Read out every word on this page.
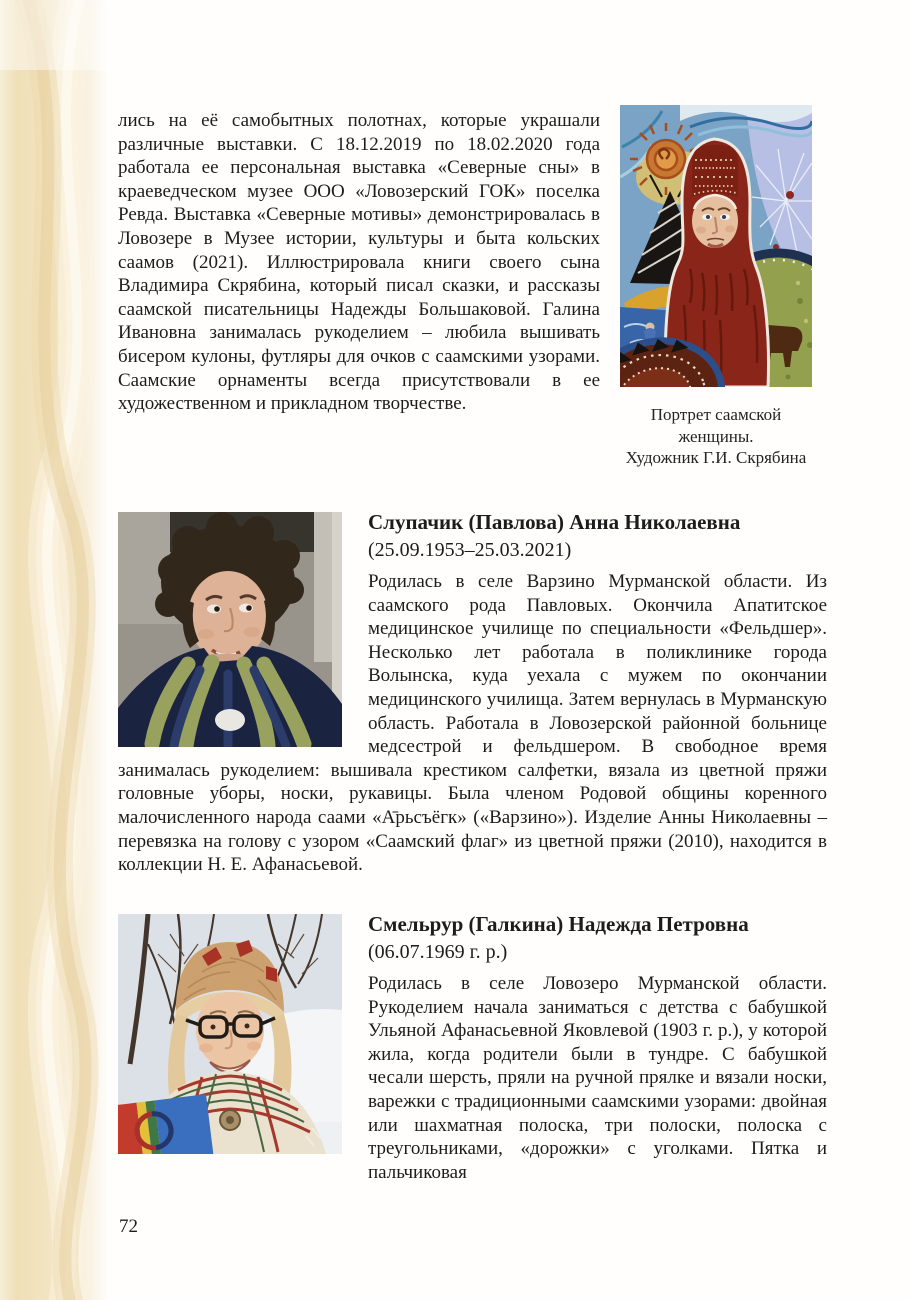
Портрет саамской
женщины.
Художник Г.И. Скрябина

лись на её самобытных полотнах, которые украшали различные выставки. С 18.12.2019 по 18.02.2020 года работала ее персональная выставка «Северные сны» в краеведческом музее ООО «Ловозерский ГОК» поселка Ревда. Выставка «Северные мотивы» демонстрировалась в Ловозере в Музее истории, культуры и быта кольских саамов (2021). Иллюстрировала книги своего сына Владимира Скрябина, который писал сказки, и рассказы саамской писательницы Надежды Большаковой. Галина Ивановна занималась рукоделием – любила вышивать бисером кулоны, футляры для очков с саамскими узорами. Саамские орнаменты всегда присутствовали в ее художественном и прикладном творчестве.

Слупачик (Павлова) Анна Николаевна
(25.09.1953–25.03.2021)

Родилась в селе Варзино Мурманской области. Из саамского рода Павловых. Окончила Апатитское медицинское училище по специальности «Фельдшер». Несколько лет работала в поликлинике города Волынска, куда уехала с мужем по окончании медицинского училища. Затем вернулась в Мурманскую область. Работала в Ловозерской районной больнице медсестрой и фельдшером. В свободное время занималась рукоделием: вышивала крестиком салфетки, вязала из цветной пряжи головные уборы, носки, рукавицы. Была членом Родовой общины коренного малочисленного народа саами «А̄рьсъёгк» («Варзино»). Изделие Анны Николаевны – перевязка на голову с узором «Саамский флаг» из цветной пряжи (2010), находится в коллекции Н. Е. Афанасьевой.

Смельрур (Галкина) Надежда Петровна
(06.07.1969 г. р.)

Родилась в селе Ловозеро Мурманской области. Рукоделием начала заниматься с детства с бабушкой Ульяной Афанасьевной Яковлевой (1903 г. р.), у которой жила, когда родители были в тундре. С бабушкой чесали шерсть, пряли на ручной прялке и вязали носки, варежки с традиционными саамскими узорами: двойная или шахматная полоска, три полоски, полоска с треугольниками, «дорожки» с уголками. Пятка и пальчиковая

72
